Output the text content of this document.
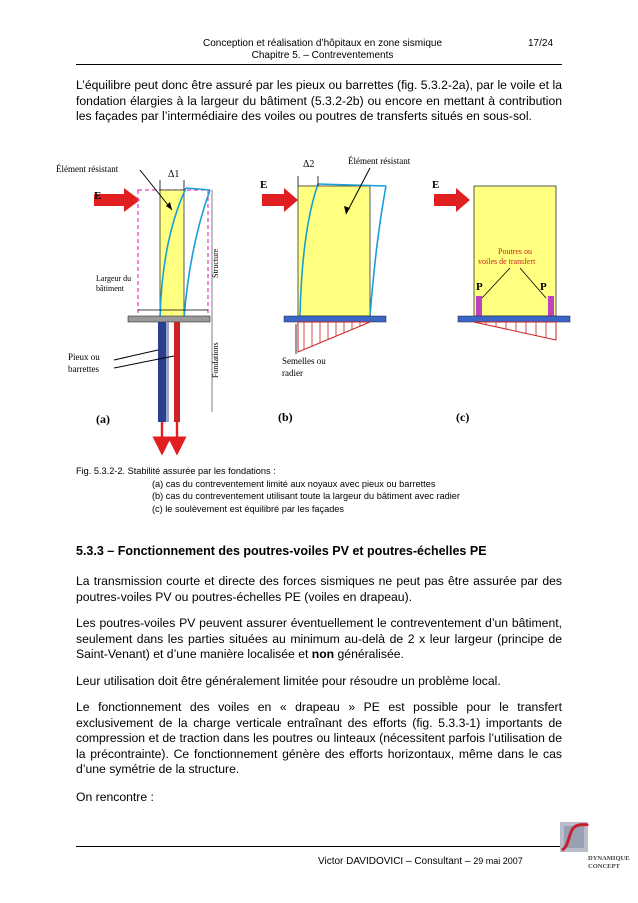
Conception et réalisation d’hôpitaux en zone sismique
Chapitre 5. – Contreventements
17/24
L’équilibre peut donc être assuré par les pieux ou barrettes (fig. 5.3.2-2a), par le voile et la fondation élargies à la largeur du bâtiment (5.3.2-2b) ou encore en mettant à contribution les façades par l’intermédiaire des voiles ou poutres de transferts situés en sous-sol.
E
Δ1
Élément résistant
Largeur du
bâtiment
Structure
Fondations
Pieux ou
barrettes
(a)
E
Δ2	Élément résistant
Semelles ou
radier
(b)
E
Poutres ou
voiles de transfert
P	P
(c)
Fig. 5.3.2-2. Stabilité assurée par les fondations :
(a) cas du contreventement limité aux noyaux avec pieux ou barrettes
(b) cas du contreventement utilisant toute la largeur du bâtiment avec radier
(c) le soulèvement est équilibré par les façades
5.3.3 – Fonctionnement des poutres-voiles PV et poutres-échelles PE
La transmission courte et directe des forces sismiques ne peut pas être assurée par des poutres-voiles PV ou poutres-échelles PE (voiles en drapeau).
Les poutres-voiles PV peuvent assurer éventuellement le contreventement d’un bâtiment, seulement dans les parties situées au minimum au-delà de 2 x leur largeur (principe de Saint-Venant) et d’une manière localisée et non généralisée.
Leur utilisation doit être généralement limitée pour résoudre un problème local.
Le fonctionnement des voiles en « drapeau » PE est possible pour le transfert exclusivement de la charge verticale entraînant des efforts (fig. 5.3.3-1) importants de compression et de traction dans les poutres ou linteaux (nécessitent parfois l’utilisation de la précontrainte). Ce fonctionnement génère des efforts horizontaux, même dans le cas d’une symétrie de la structure.
On rencontre :
Victor DAVIDOVICI – Consultant – 29 mai 2007	DYNAMIQUE
CONCEPT
